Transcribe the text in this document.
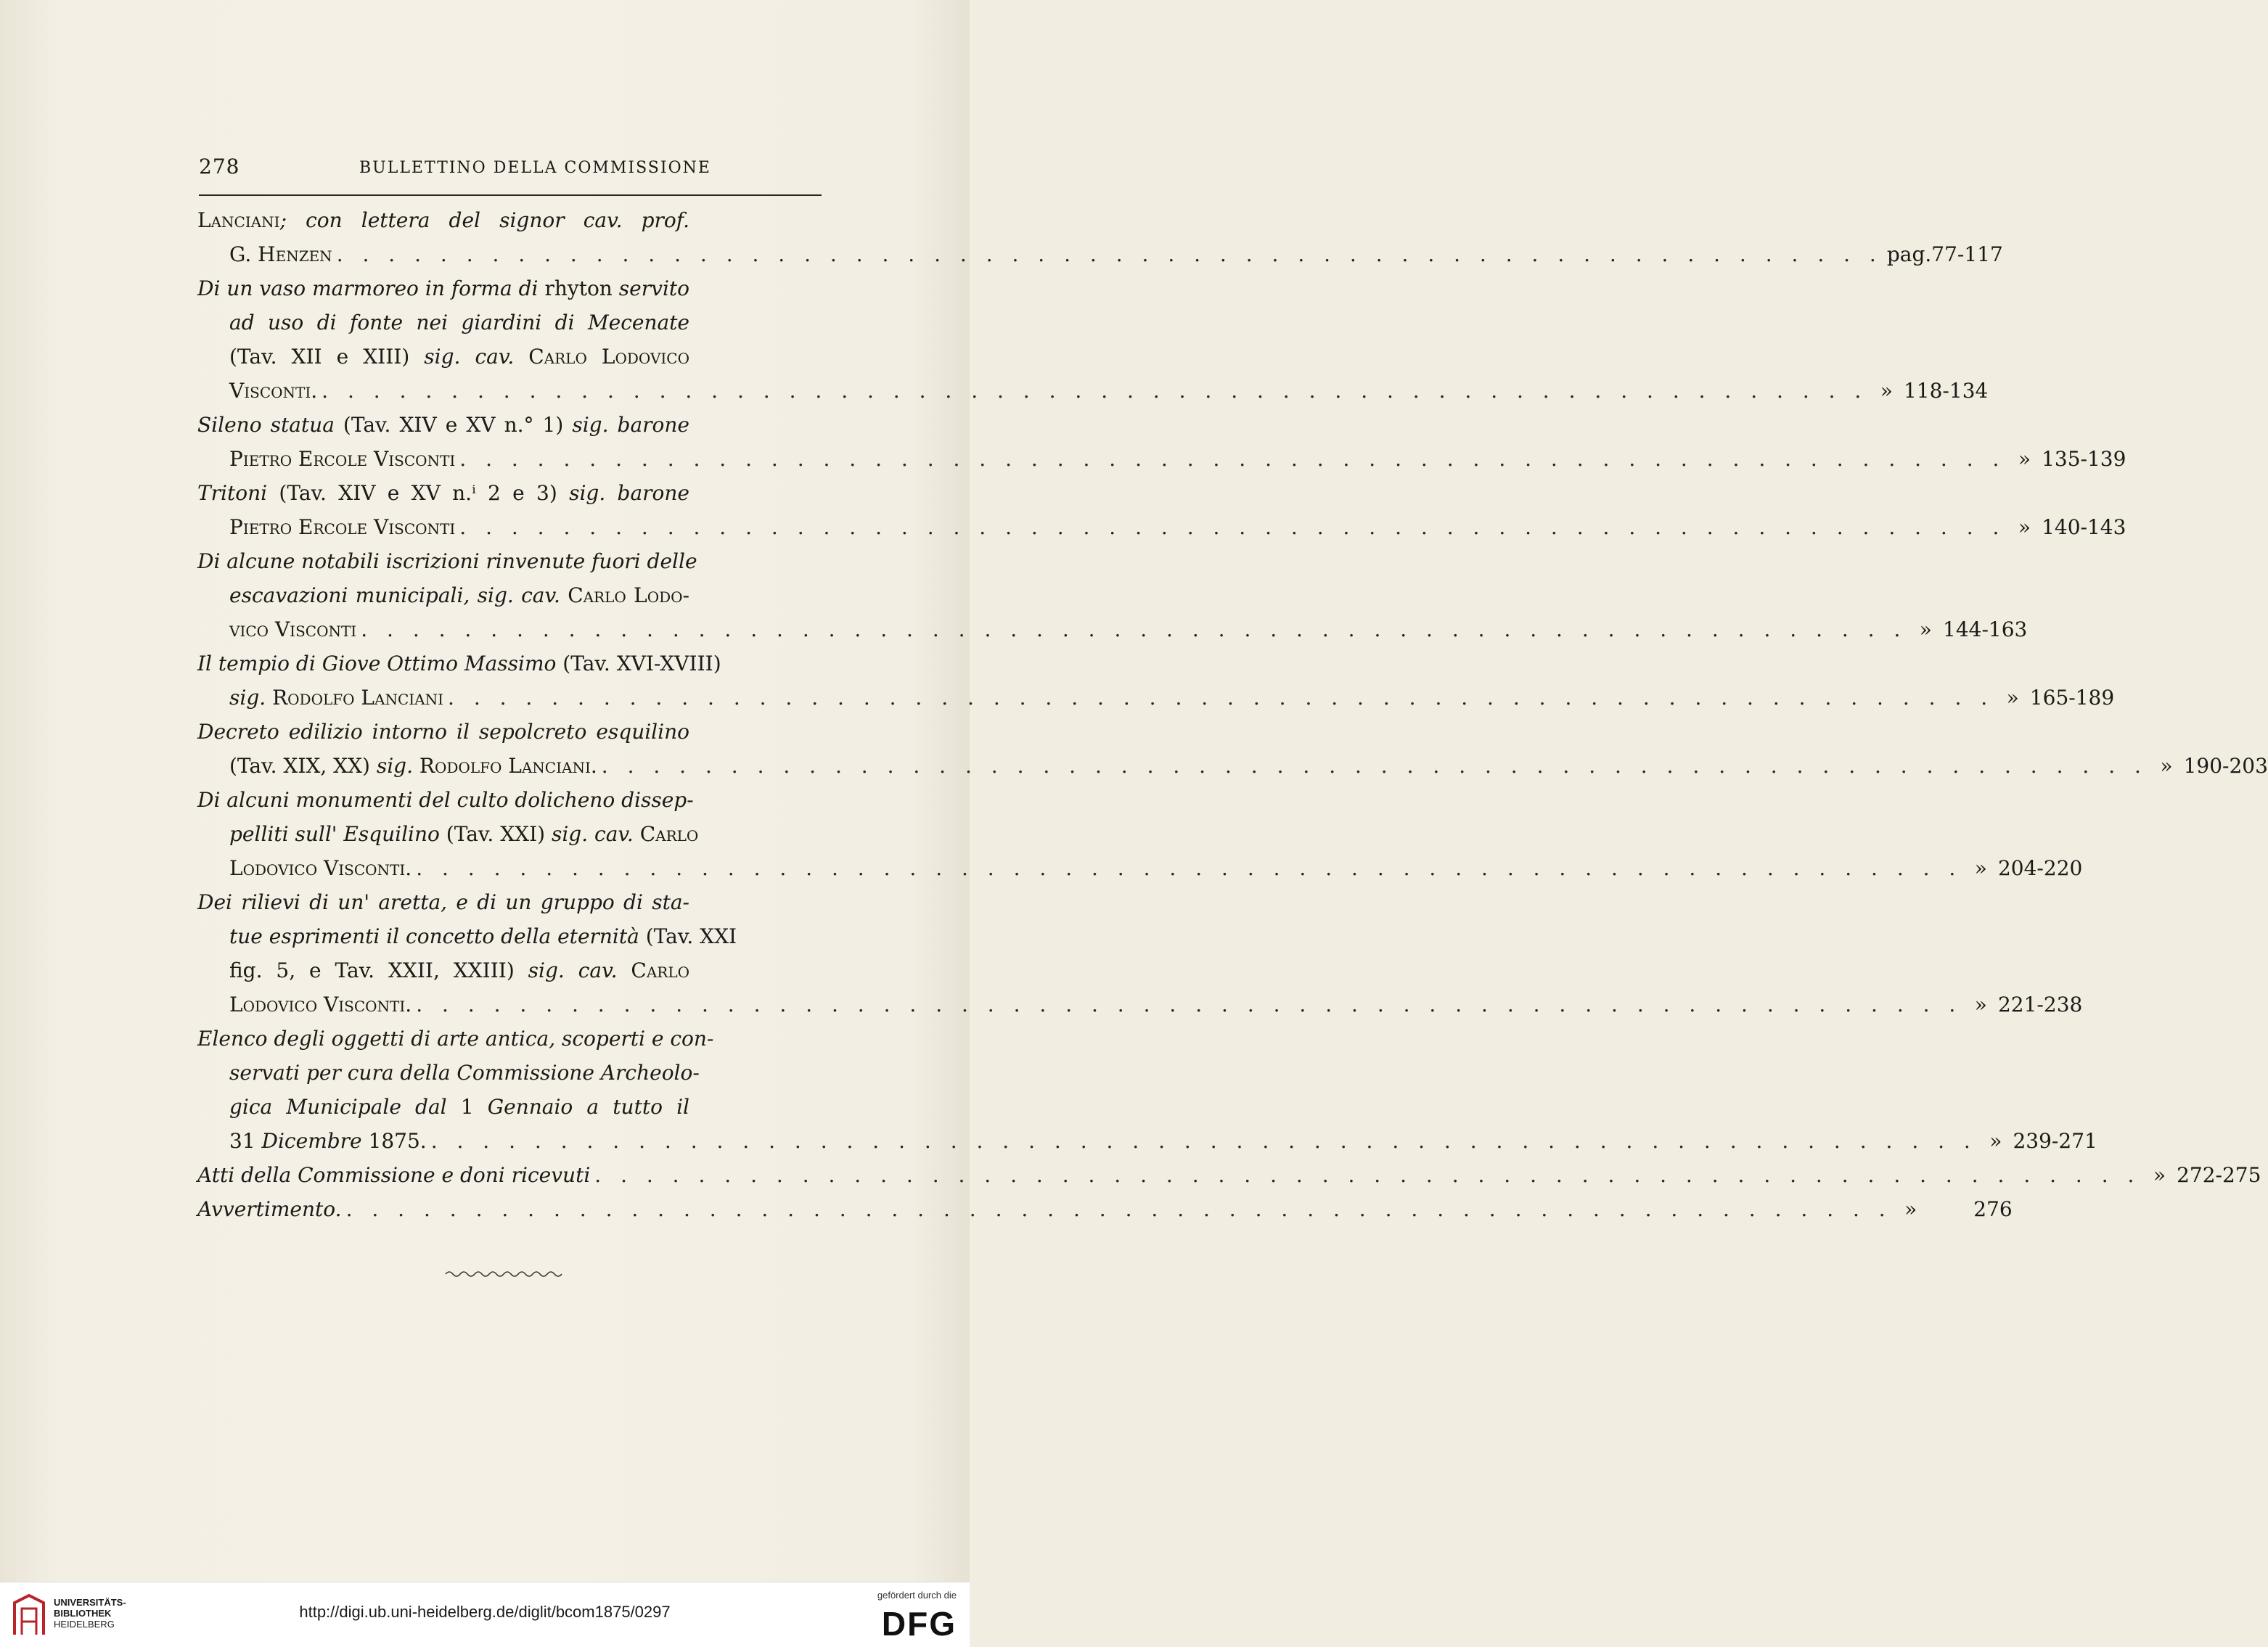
278	BULLETTINO DELLA COMMISSIONE
Lanciani; con lettera del signor cav. prof.
G. Henzen . . . . . . . . . . . . . . . . . . . . . . . . . . . . . . . . . . . . . . . . . . . . . . . . . . . . . . . . . . . . pag. 77-117
Di un vaso marmoreo in forma di rhyton servito
ad uso di fonte nei giardini di Mecenate
(Tav. XII e XIII) sig. cav. Carlo Lodovico
Visconti. . . . . . . . . . . . . . . . . . . . . . . . . . . . . . . . . . . . . . . . . . . . . . . . . . . . . . . . . . . . . » 118-134
Sileno statua (Tav. XIV e XV n.° 1) sig. barone
Pietro Ercole Visconti . . . . . . . . . . . . . . . . . . . . . . . . . . . . . . . . . . . . . . . . . . . . . . . . . . . . . . . . . . . . » 135-139
Tritoni (Tav. XIV e XV n.ⁱ 2 e 3) sig. barone
Pietro Ercole Visconti . . . . . . . . . . . . . . . . . . . . . . . . . . . . . . . . . . . . . . . . . . . . . . . . . . . . . . . . . . . . » 140-143
Di alcune notabili iscrizioni rinvenute fuori delle
escavazioni municipali, sig. cav. Carlo Lodo-
vico Visconti . . . . . . . . . . . . . . . . . . . . . . . . . . . . . . . . . . . . . . . . . . . . . . . . . . . . . . . . . . . . » 144-163
Il tempio di Giove Ottimo Massimo (Tav. XVI-XVIII)
sig. Rodolfo Lanciani . . . . . . . . . . . . . . . . . . . . . . . . . . . . . . . . . . . . . . . . . . . . . . . . . . . . . . . . . . . . » 165-189
Decreto edilizio intorno il sepolcreto esquilino
(Tav. XIX, XX) sig. Rodolfo Lanciani. . . . . . . . . . . . . . . . . . . . . . . . . . . . . . . . . . . . . . . . . . . . . . . . . . . . . . . . . . . . . » 190-203
Di alcuni monumenti del culto dolicheno dissep-
pelliti sull' Esquilino (Tav. XXI) sig. cav. Carlo
Lodovico Visconti. . . . . . . . . . . . . . . . . . . . . . . . . . . . . . . . . . . . . . . . . . . . . . . . . . . . . . . . . . . . . » 204-220
Dei rilievi di un' aretta, e di un gruppo di sta-
tue esprimenti il concetto della eternità (Tav. XXI
fig. 5, e Tav. XXII, XXIII) sig. cav. Carlo
Lodovico Visconti. . . . . . . . . . . . . . . . . . . . . . . . . . . . . . . . . . . . . . . . . . . . . . . . . . . . . . . . . . . . . » 221-238
Elenco degli oggetti di arte antica, scoperti e con-
servati per cura della Commissione Archeolo-
gica Municipale dal 1 Gennaio a tutto il
31 Dicembre 1875. . . . . . . . . . . . . . . . . . . . . . . . . . . . . . . . . . . . . . . . . . . . . . . . . . . . . . . . . . . . . » 239-271
Atti della Commissione e doni ricevuti . . . . . . . . . . . . . . . . . . . . . . . . . . . . . . . . . . . . . . . . . . . . . . . . . . . . . . . . . . . . » 272-275
Avvertimento. . . . . . . . . . . . . . . . . . . . . . . . . . . . . . . . . . . . . . . . . . . . . . . . . . . . . . . . . . . . . »	276
UNIVERSITÄTS-
BIBLIOTHEK
HEIDELBERG
http://digi.ub.uni-heidelberg.de/diglit/bcom1875/0297
gefördert durch die
DFG
